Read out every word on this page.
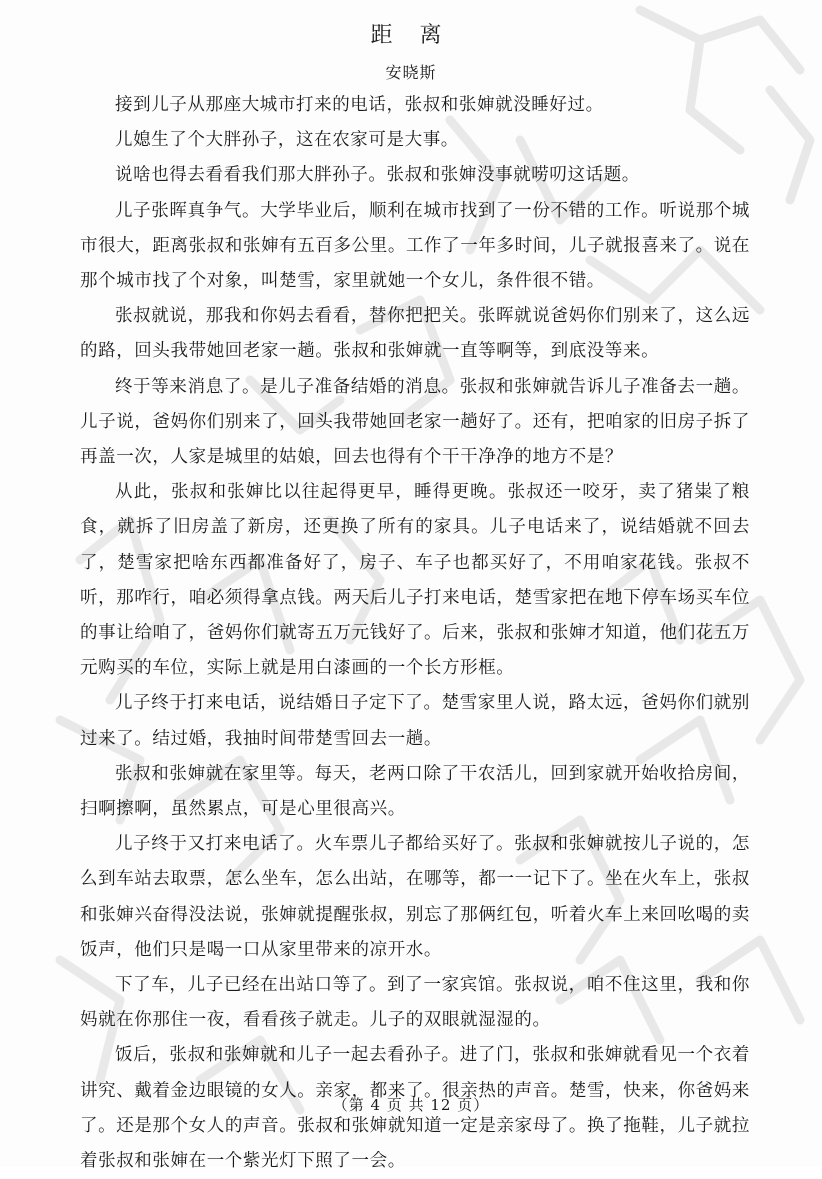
距 离
安晓斯

接到儿子从那座大城市打来的电话，张叔和张婶就没睡好过。

儿媳生了个大胖孙子，这在农家可是大事。

说啥也得去看看我们那大胖孙子。张叔和张婶没事就唠叨这话题。

儿子张晖真争气。大学毕业后，顺利在城市找到了一份不错的工作。听说那个城市很大，距离张叔和张婶有五百多公里。工作了一年多时间，儿子就报喜来了。说在那个城市找了个对象，叫楚雪，家里就她一个女儿，条件很不错。

张叔就说，那我和你妈去看看，替你把把关。张晖就说爸妈你们别来了，这么远的路，回头我带她回老家一趟。张叔和张婶就一直等啊等，到底没等来。

终于等来消息了。是儿子准备结婚的消息。张叔和张婶就告诉儿子准备去一趟。儿子说，爸妈你们别来了，回头我带她回老家一趟好了。还有，把咱家的旧房子拆了再盖一次，人家是城里的姑娘，回去也得有个干干净净的地方不是？

从此，张叔和张婶比以往起得更早，睡得更晚。张叔还一咬牙，卖了猪粜了粮食，就拆了旧房盖了新房，还更换了所有的家具。儿子电话来了，说结婚就不回去了，楚雪家把啥东西都准备好了，房子、车子也都买好了，不用咱家花钱。张叔不听，那咋行，咱必须得拿点钱。两天后儿子打来电话，楚雪家把在地下停车场买车位的事让给咱了，爸妈你们就寄五万元钱好了。后来，张叔和张婶才知道，他们花五万元购买的车位，实际上就是用白漆画的一个长方形框。

儿子终于打来电话，说结婚日子定下了。楚雪家里人说，路太远，爸妈你们就别过来了。结过婚，我抽时间带楚雪回去一趟。

张叔和张婶就在家里等。每天，老两口除了干农活儿，回到家就开始收拾房间，扫啊擦啊，虽然累点，可是心里很高兴。

儿子终于又打来电话了。火车票儿子都给买好了。张叔和张婶就按儿子说的，怎么到车站去取票，怎么坐车，怎么出站，在哪等，都一一记下了。坐在火车上，张叔和张婶兴奋得没法说，张婶就提醒张叔，别忘了那俩红包，听着火车上来回吆喝的卖饭声，他们只是喝一口从家里带来的凉开水。

下了车，儿子已经在出站口等了。到了一家宾馆。张叔说，咱不住这里，我和你妈就在你那住一夜，看看孩子就走。儿子的双眼就湿湿的。

饭后，张叔和张婶就和儿子一起去看孙子。进了门，张叔和张婶就看见一个衣着讲究、戴着金边眼镜的女人。亲家，都来了。很亲热的声音。楚雪，快来，你爸妈来了。还是那个女人的声音。张叔和张婶就知道一定是亲家母了。换了拖鞋，儿子就拉着张叔和张婶在一个紫光灯下照了一会。

（第 4 页 共 12 页）
